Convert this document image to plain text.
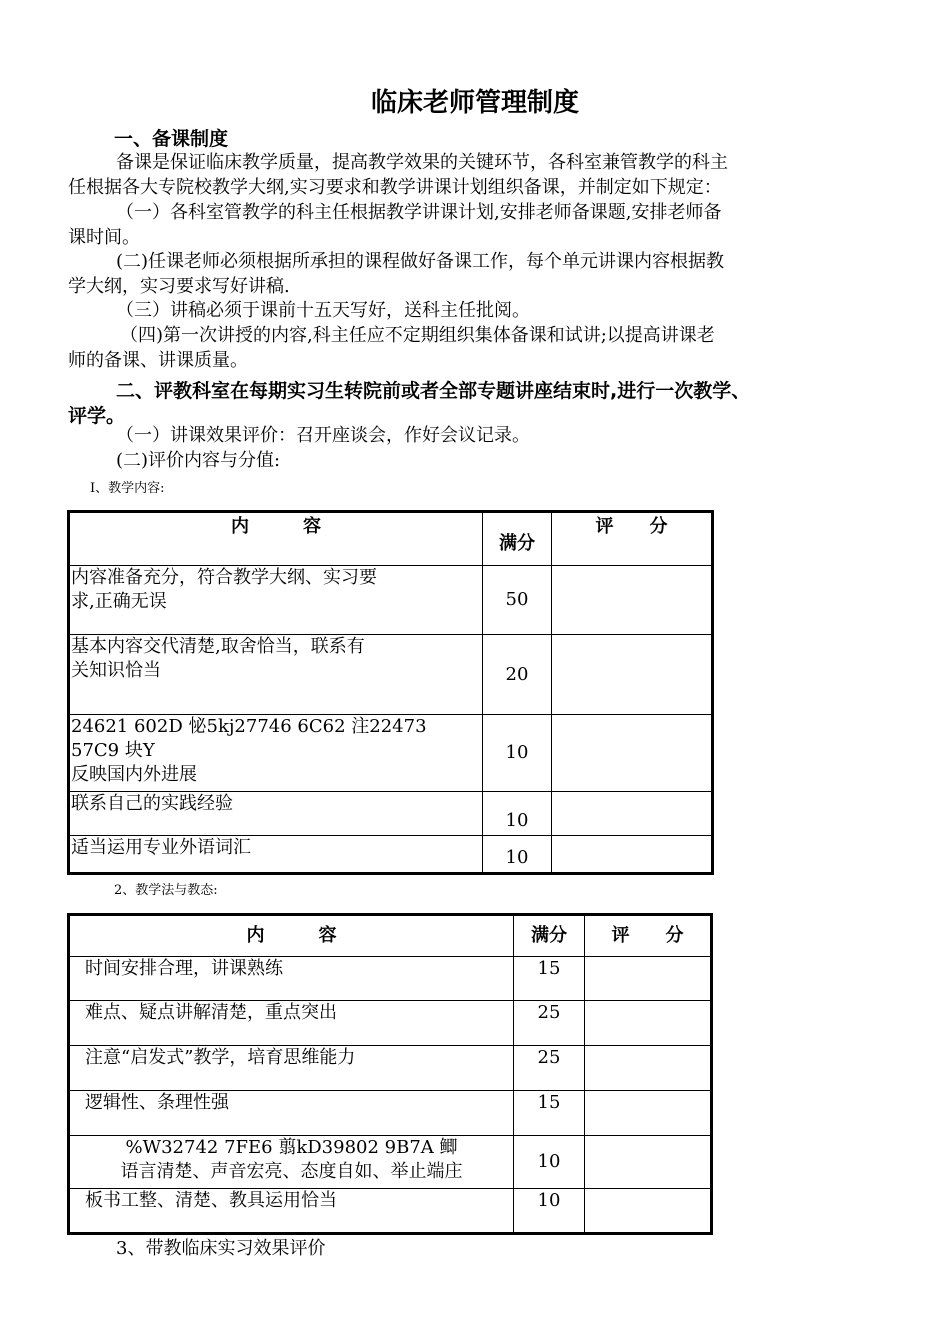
临床老师管理制度
一、备课制度
备课是保证临床教学质量，提高教学效果的关键环节，各科室兼管教学的科主
任根据各大专院校教学大纲,实习要求和教学讲课计划组织备课，并制定如下规定：
（一）各科室管教学的科主任根据教学讲课计划,安排老师备课题,安排老师备
课时间。
(二)任课老师必须根据所承担的课程做好备课工作，每个单元讲课内容根据教
学大纲，实习要求写好讲稿.
（三）讲稿必须于课前十五天写好，送科主任批阅。
（四)第一次讲授的内容,科主任应不定期组织集体备课和试讲;以提高讲课老
师的备课、讲课质量。
二、评教科室在每期实习生转院前或者全部专题讲座结束时,进行一次教学、
评学。
（一）讲课效果评价：召开座谈会，作好会议记录。
(二)评价内容与分值:
I、教学内容:
内　　　容	满分	评　　分

内容准备充分，符合教学大纲、实习要
求,正确无误	50	

基本内容交代清楚,取舍恰当，联系有
关知识恰当	20	

24621 602D 怭5kj27746 6C62 注22473
57C9 块Y
反映国内外进展	10	

联系自己的实践经验	10	

适当运用专业外语词汇	10	
2、教学法与教态:
内　　　容	满分	评　　分

时间安排合理，讲课熟练	15	

难点、疑点讲解清楚，重点突出	25	

注意“启发式”教学，培育思维能力	25	

逻辑性、条理性强	15	

%W32742 7FE6 翦kD39802 9B7A 鲫
语言清楚、声音宏亮、态度自如、举止端庄	10	

板书工整、清楚、教具运用恰当	10	
3、带教临床实习效果评价
